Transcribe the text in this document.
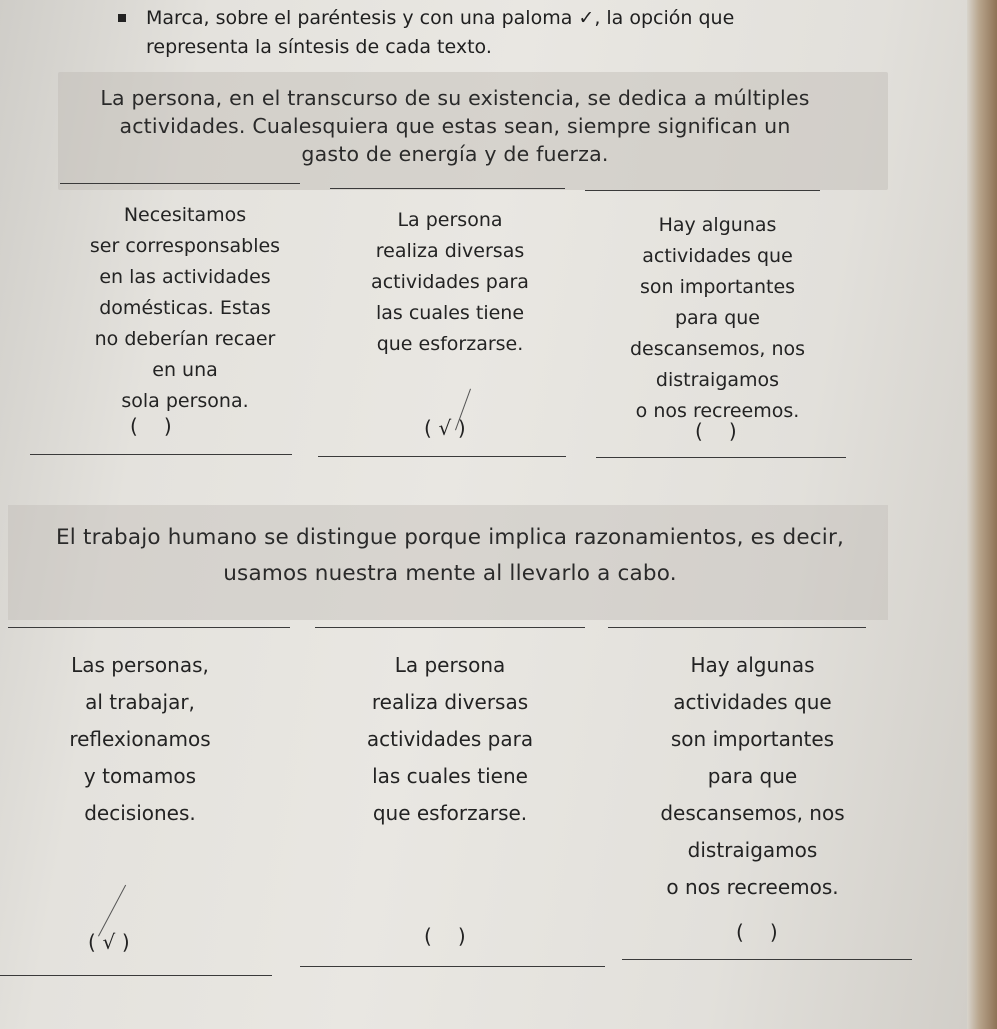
Marca, sobre el paréntesis y con una paloma ✓, la opción que representa la síntesis de cada texto.
La persona, en el transcurso de su existencia, se dedica a múltiples actividades. Cualesquiera que estas sean, siempre significan un gasto de energía y de fuerza.
Necesitamos
ser corresponsables
en las actividades
domésticas. Estas
no deberían recaer
en una
sola persona.
La persona
realiza diversas
actividades para
las cuales tiene
que esforzarse.
Hay algunas
actividades que
son importantes
para que
descansemos, nos
distraigamos
o nos recreemos.
( )	( √ )	( )
El trabajo humano se distingue porque implica razonamientos, es decir, usamos nuestra mente al llevarlo a cabo.
Las personas,
al trabajar,
reflexionamos
y tomamos
decisiones.
La persona
realiza diversas
actividades para
las cuales tiene
que esforzarse.
Hay algunas
actividades que
son importantes
para que
descansemos, nos
distraigamos
o nos recreemos.
( √ )	( )	( )
